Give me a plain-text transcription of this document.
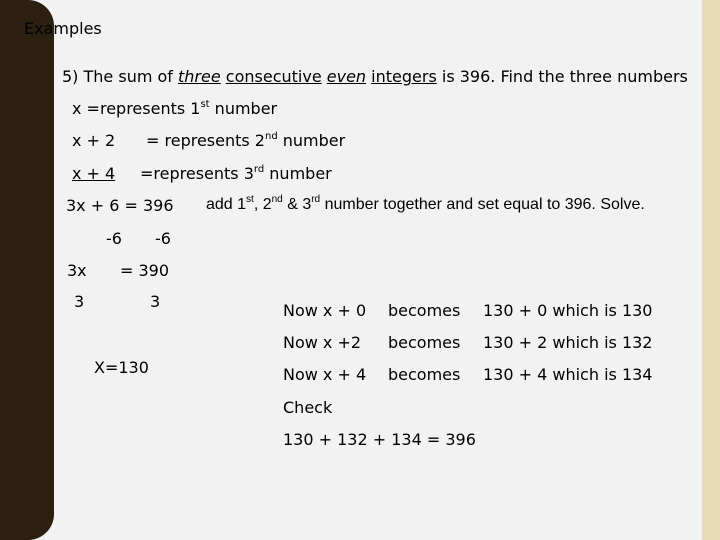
Examples
5) The sum of three consecutive even integers is 396. Find the three numbers
x =represents 1st number
x + 2 = represents 2nd number
x + 4 =represents 3rd number
3x + 6 = 396 add 1st, 2nd & 3rd number together and set equal to 396. Solve.
-6 -6
3x = 390
3	3
X=130
Now x + 0 becomes 130 + 0 which is 130
Now x +2 becomes 130 + 2 which is 132
Now x + 4 becomes 130 + 4 which is 134
Check
130 + 132 + 134 = 396
